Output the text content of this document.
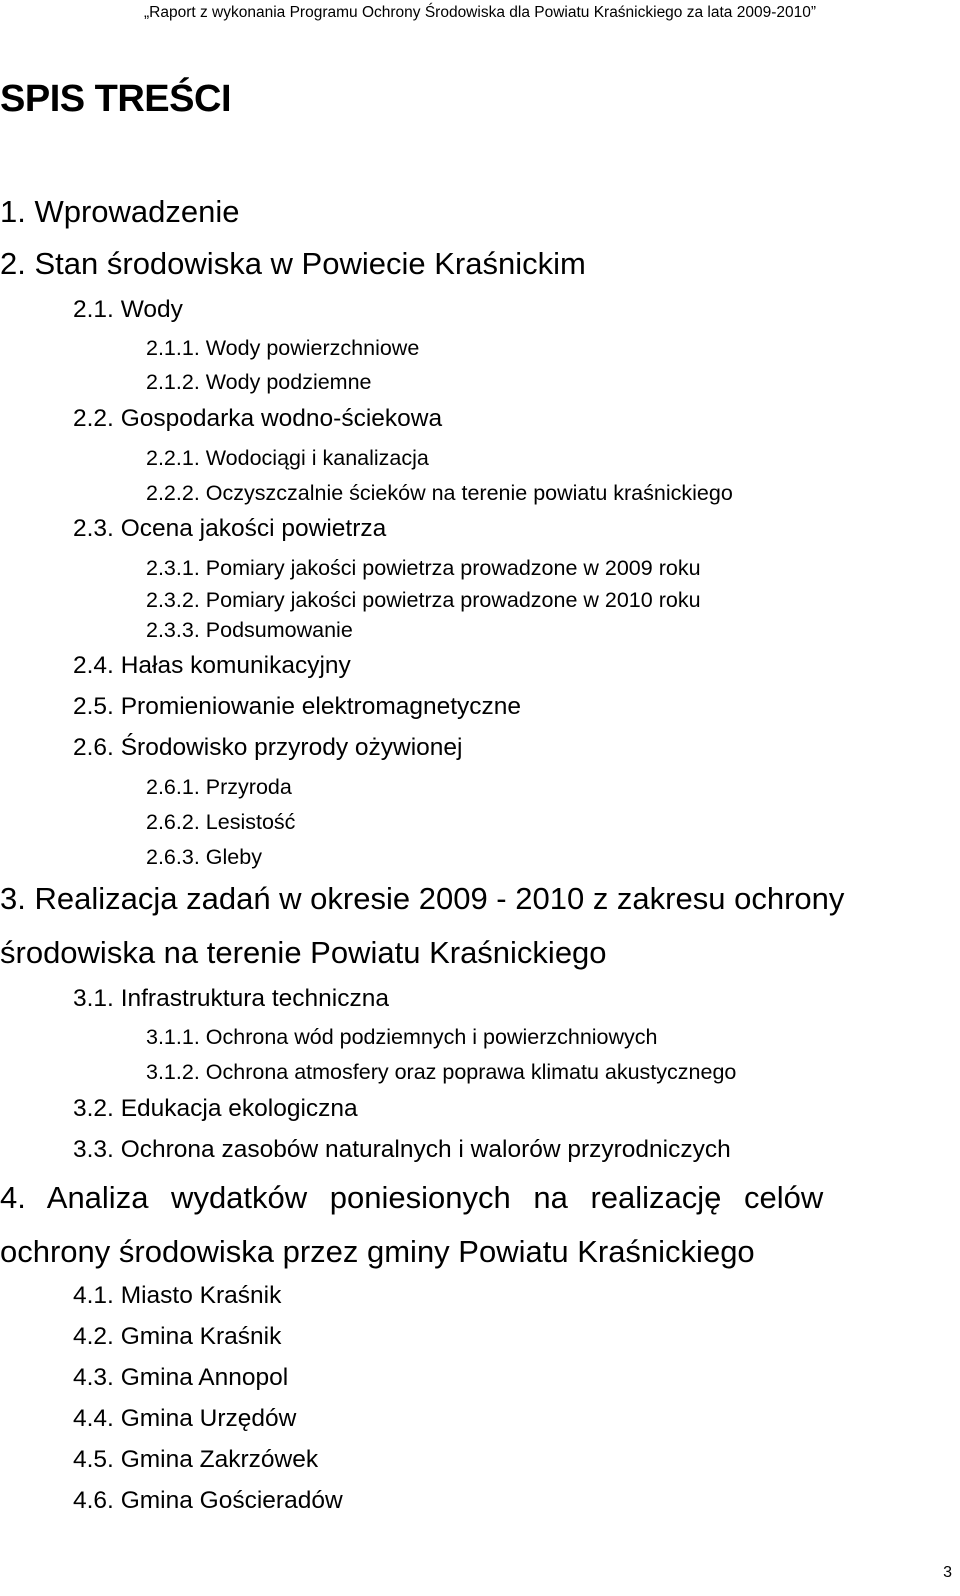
„Raport z wykonania Programu Ochrony Środowiska dla Powiatu Kraśnickiego za lata 2009-2010”
SPIS TREŚCI
1. Wprowadzenie
2. Stan środowiska w Powiecie Kraśnickim
2.1. Wody
2.1.1. Wody powierzchniowe
2.1.2. Wody podziemne
2.2. Gospodarka wodno-ściekowa
2.2.1. Wodociągi i kanalizacja
2.2.2. Oczyszczalnie ścieków na terenie powiatu kraśnickiego
2.3. Ocena jakości powietrza
2.3.1. Pomiary jakości powietrza prowadzone w 2009 roku
2.3.2. Pomiary jakości powietrza prowadzone w 2010 roku
2.3.3. Podsumowanie
2.4. Hałas komunikacyjny
2.5. Promieniowanie elektromagnetyczne
2.6. Środowisko przyrody ożywionej
2.6.1. Przyroda
2.6.2. Lesistość
2.6.3. Gleby
3. Realizacja zadań w okresie 2009 - 2010 z zakresu ochrony
środowiska na terenie Powiatu Kraśnickiego
3.1. Infrastruktura techniczna
3.1.1. Ochrona wód podziemnych i powierzchniowych
3.1.2. Ochrona atmosfery oraz poprawa klimatu akustycznego
3.2. Edukacja ekologiczna
3.3. Ochrona zasobów naturalnych i walorów przyrodniczych
4. Analiza wydatków poniesionych na realizację celów
ochrony środowiska przez gminy Powiatu Kraśnickiego
4.1. Miasto Kraśnik
4.2. Gmina Kraśnik
4.3. Gmina Annopol
4.4. Gmina Urzędów
4.5. Gmina Zakrzówek
4.6. Gmina Gościeradów
3
